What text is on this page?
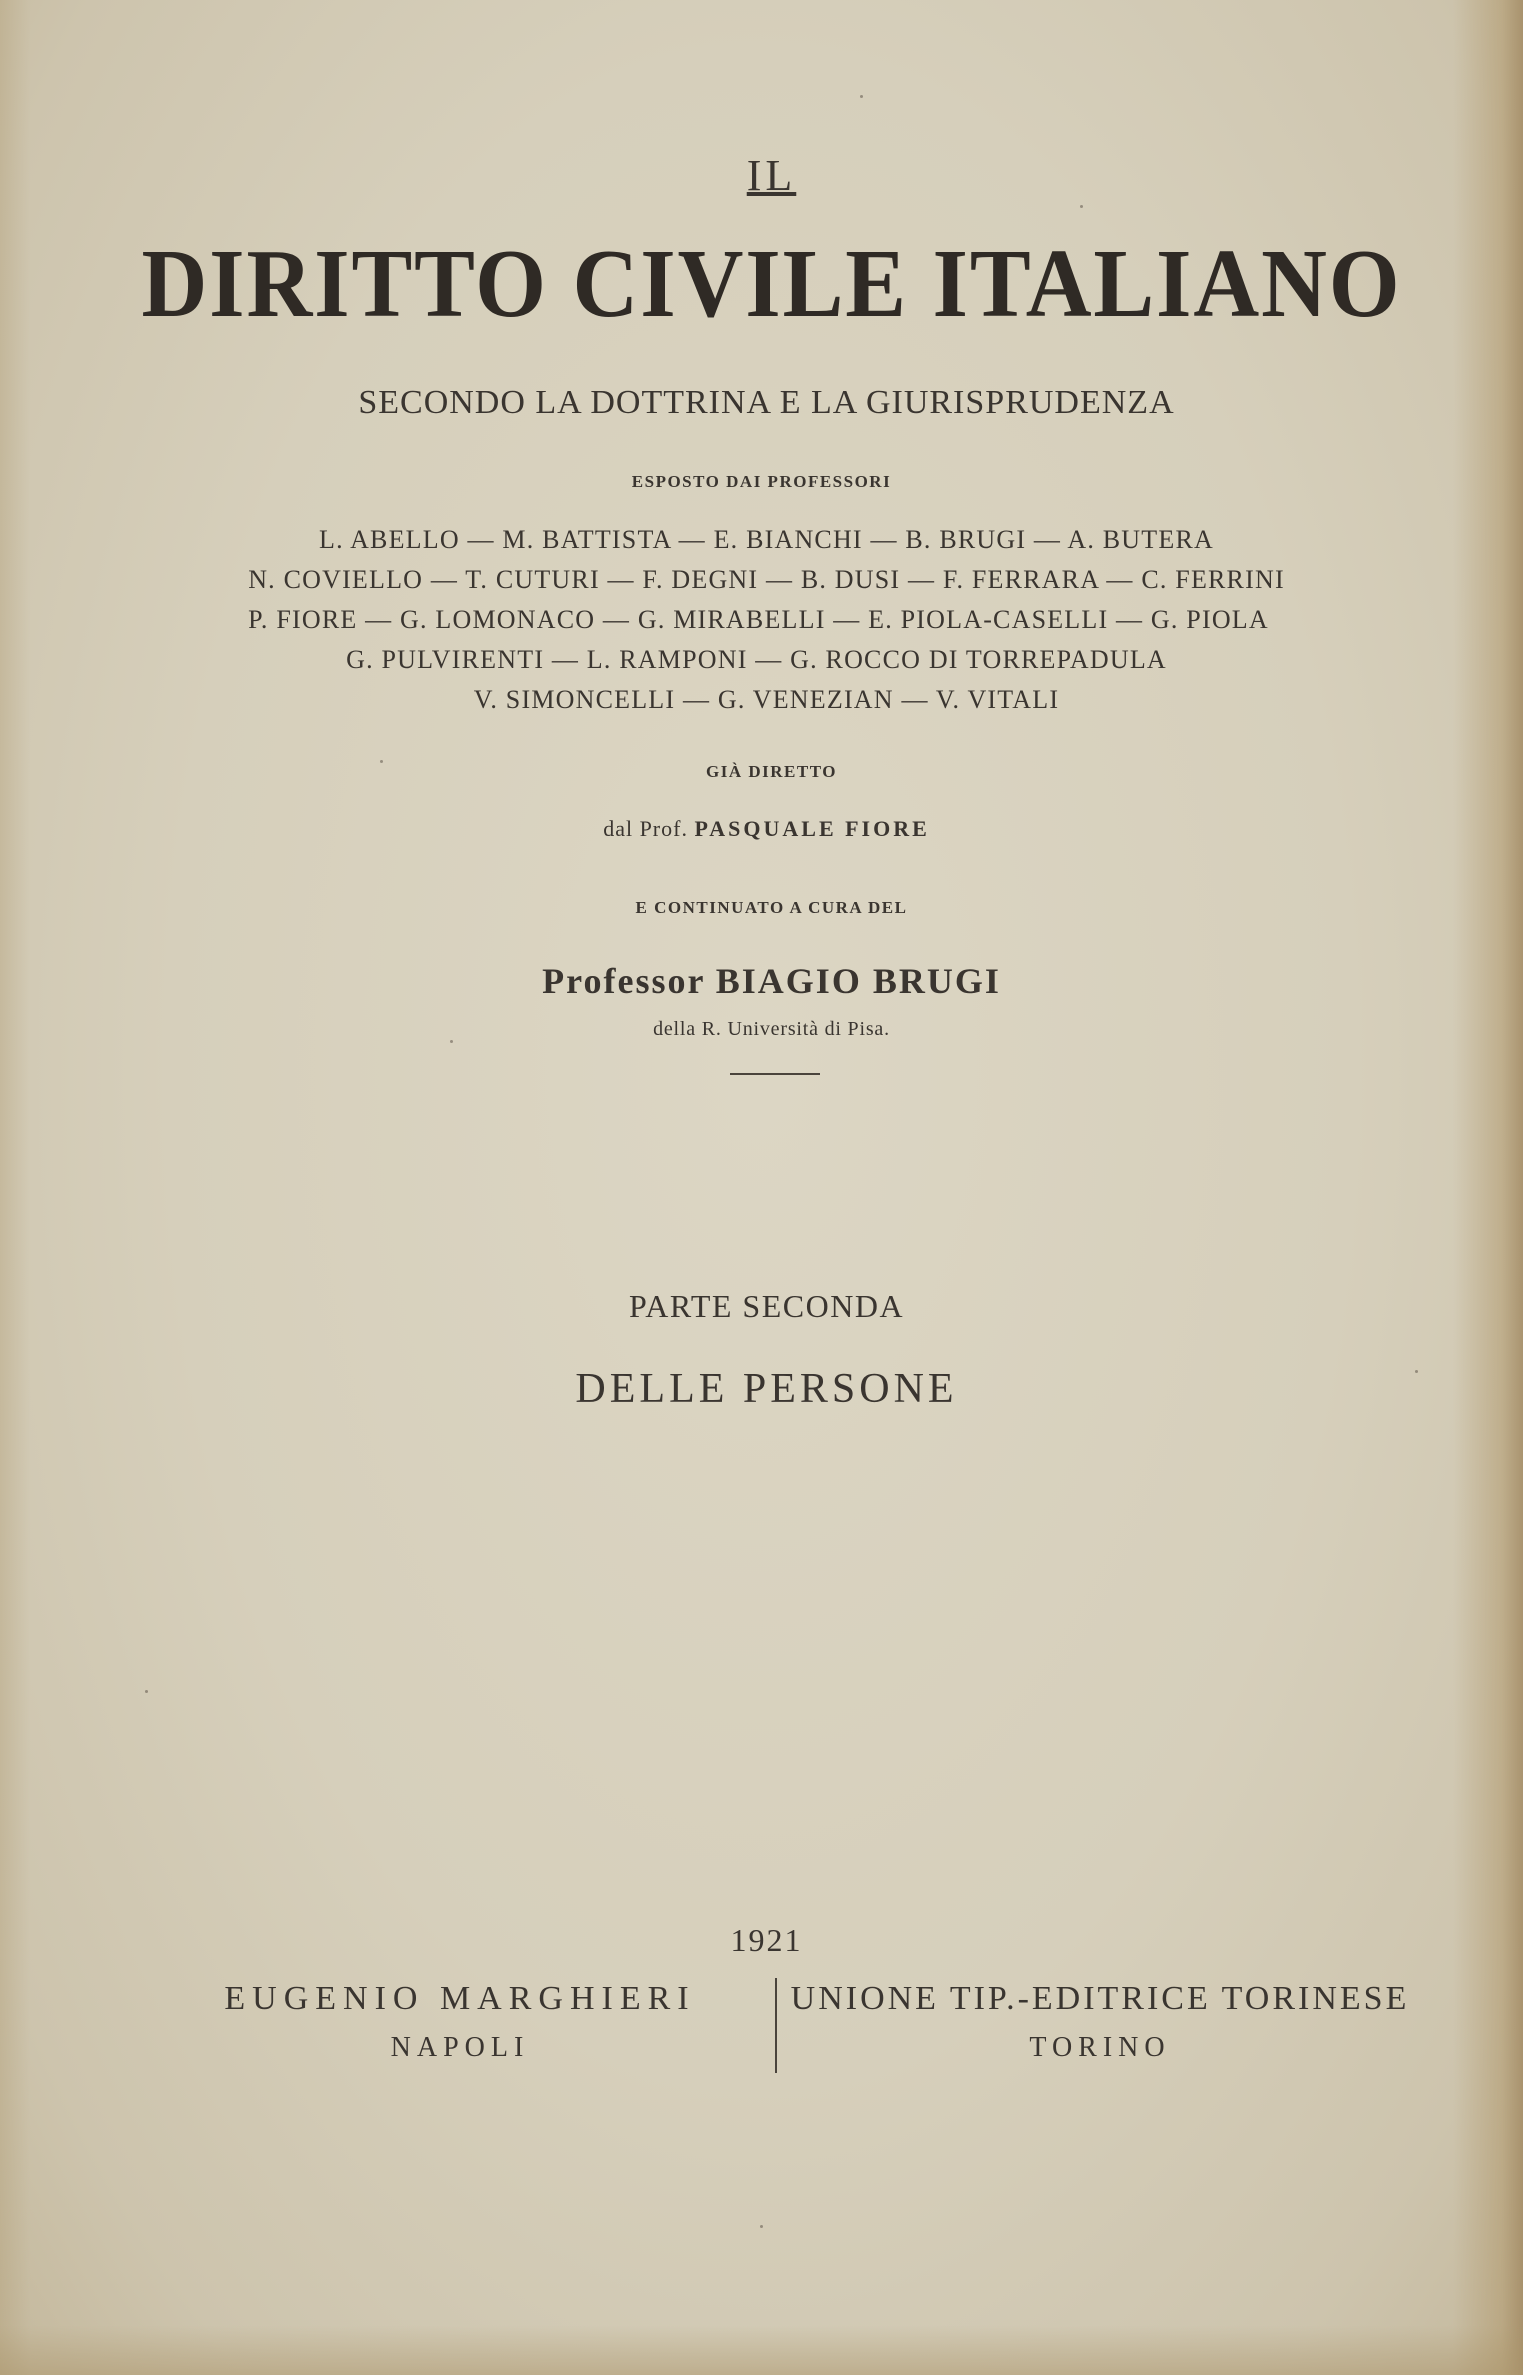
IL
DIRITTO CIVILE ITALIANO
SECONDO LA DOTTRINA E LA GIURISPRUDENZA
ESPOSTO DAI PROFESSORI
L. ABELLO — M. BATTISTA — E. BIANCHI — B. BRUGI — A. BUTERA
N. COVIELLO — T. CUTURI — F. DEGNI — B. DUSI — F. FERRARA — C. FERRINI
P. FIORE — G. LOMONACO — G. MIRABELLI — E. PIOLA-CASELLI — G. PIOLA
G. PULVIRENTI — L. RAMPONI — G. ROCCO DI TORREPADULA
V. SIMONCELLI — G. VENEZIAN — V. VITALI
GIÀ DIRETTO
dal Prof. PASQUALE FIORE
E CONTINUATO A CURA DEL
Professor BIAGIO BRUGI
della R. Università di Pisa.
PARTE SECONDA
DELLE PERSONE
1921
EUGENIO MARGHIERI
NAPOLI
UNIONE TIP.-EDITRICE TORINESE
TORINO
